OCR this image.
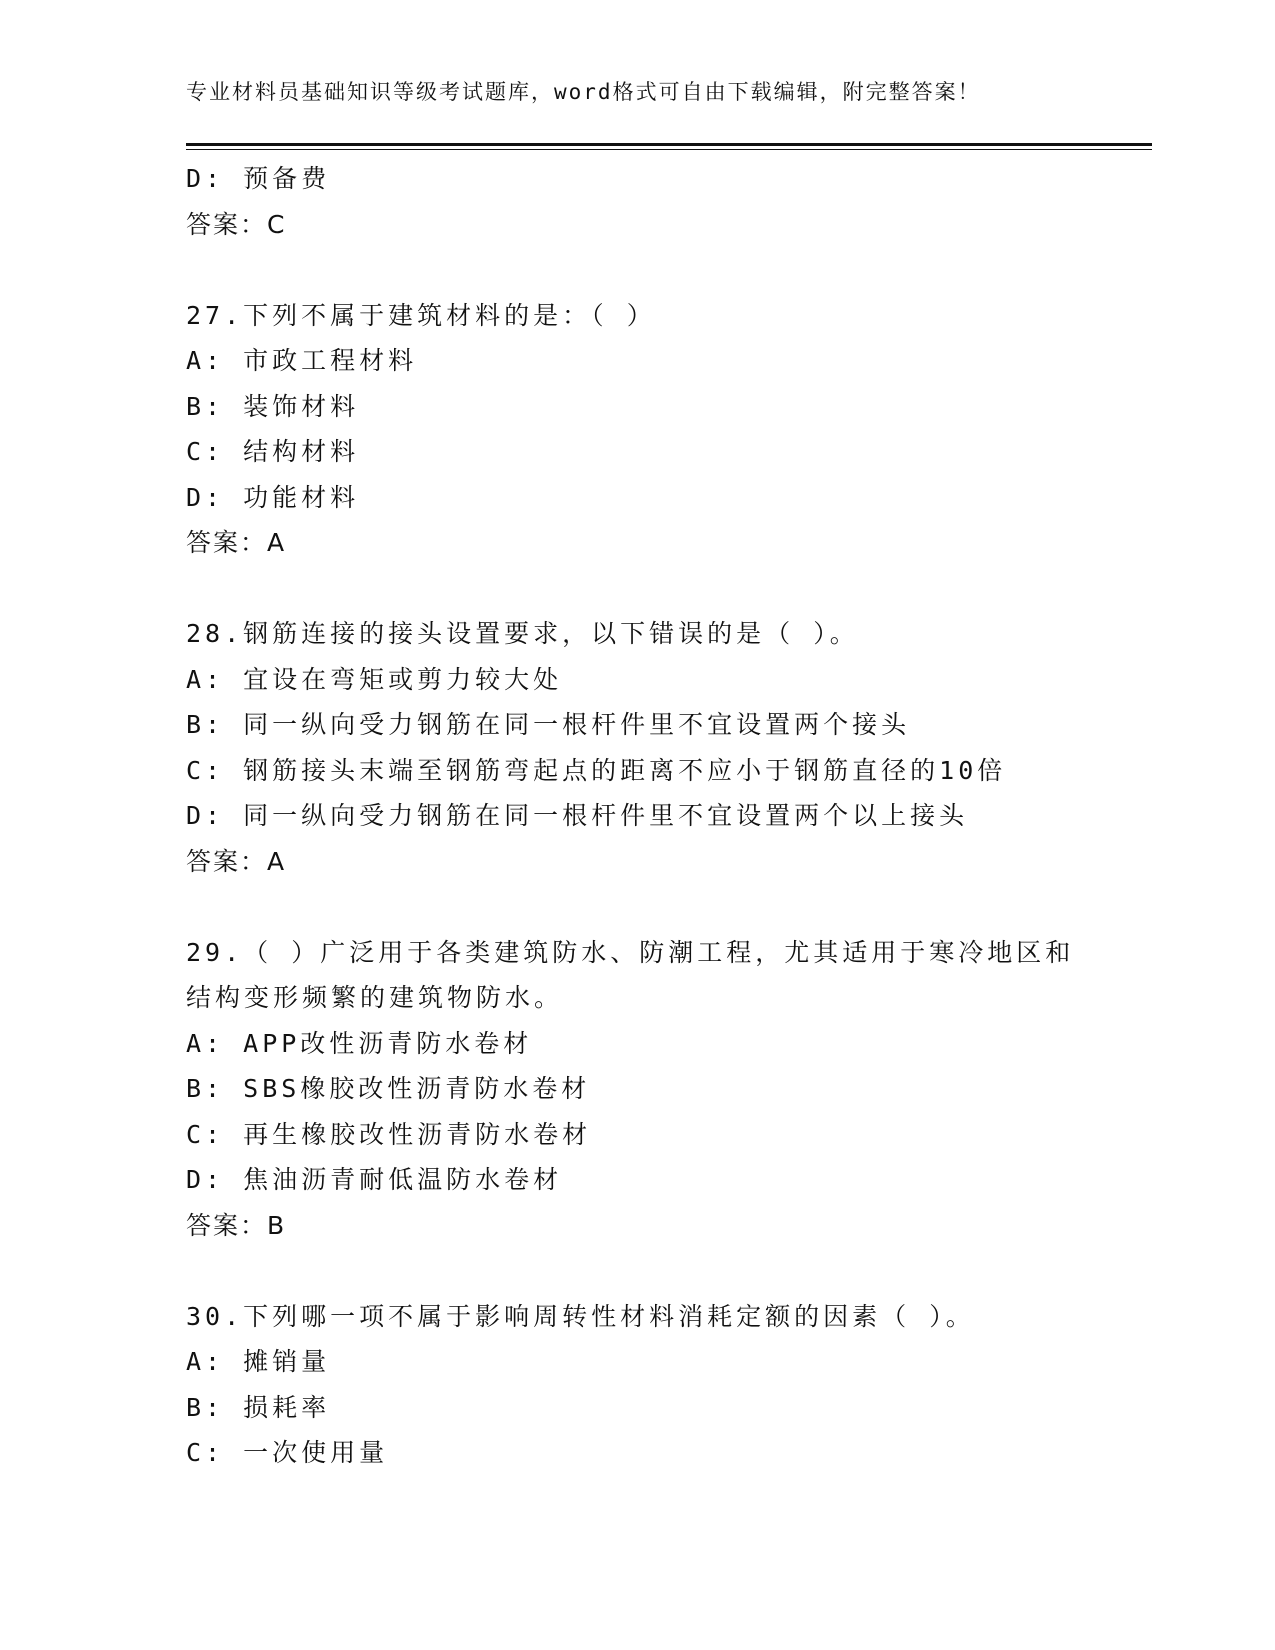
专业材料员基础知识等级考试题库，word格式可自由下载编辑，附完整答案！
D: 预备费
答案：C
27.下列不属于建筑材料的是：（ ）
A: 市政工程材料
B: 装饰材料
C: 结构材料
D: 功能材料
答案：A
28.钢筋连接的接头设置要求，以下错误的是（ ）。
A: 宜设在弯矩或剪力较大处
B: 同一纵向受力钢筋在同一根杆件里不宜设置两个接头
C: 钢筋接头末端至钢筋弯起点的距离不应小于钢筋直径的10倍
D: 同一纵向受力钢筋在同一根杆件里不宜设置两个以上接头
答案：A
29.（ ）广泛用于各类建筑防水、防潮工程，尤其适用于寒冷地区和
结构变形频繁的建筑物防水。
A: APP改性沥青防水卷材
B: SBS橡胶改性沥青防水卷材
C: 再生橡胶改性沥青防水卷材
D: 焦油沥青耐低温防水卷材
答案：B
30.下列哪一项不属于影响周转性材料消耗定额的因素（ ）。
A: 摊销量
B: 损耗率
C: 一次使用量
